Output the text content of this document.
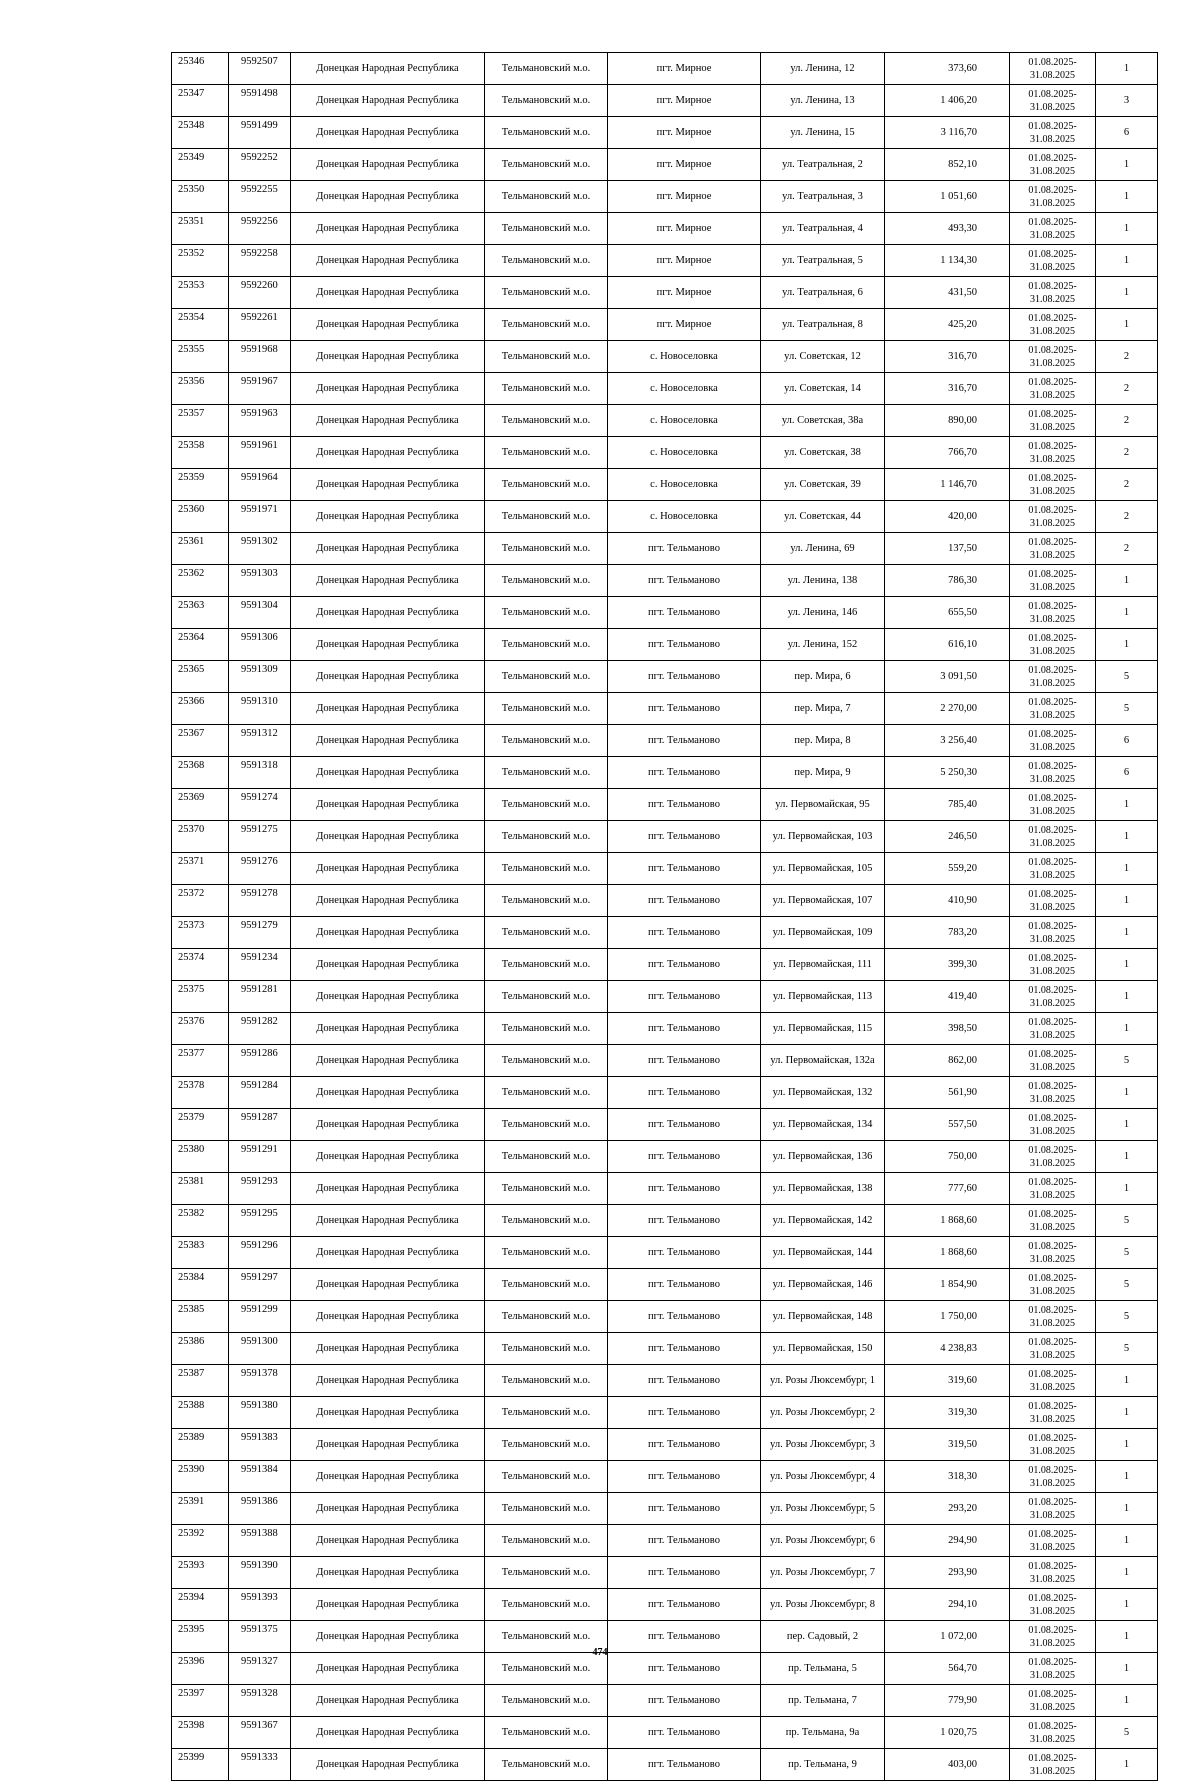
25346	9592507	Донецкая Народная Республика	Тельмановский м.о.	пгт. Мирное	ул. Ленина, 12	373,60	01.08.2025-
31.08.2025	1
25347	9591498	Донецкая Народная Республика	Тельмановский м.о.	пгт. Мирное	ул. Ленина, 13	1 406,20	01.08.2025-
31.08.2025	3
25348	9591499	Донецкая Народная Республика	Тельмановский м.о.	пгт. Мирное	ул. Ленина, 15	3 116,70	01.08.2025-
31.08.2025	6
25349	9592252	Донецкая Народная Республика	Тельмановский м.о.	пгт. Мирное	ул. Театральная, 2	852,10	01.08.2025-
31.08.2025	1
25350	9592255	Донецкая Народная Республика	Тельмановский м.о.	пгт. Мирное	ул. Театральная, 3	1 051,60	01.08.2025-
31.08.2025	1
25351	9592256	Донецкая Народная Республика	Тельмановский м.о.	пгт. Мирное	ул. Театральная, 4	493,30	01.08.2025-
31.08.2025	1
25352	9592258	Донецкая Народная Республика	Тельмановский м.о.	пгт. Мирное	ул. Театральная, 5	1 134,30	01.08.2025-
31.08.2025	1
25353	9592260	Донецкая Народная Республика	Тельмановский м.о.	пгт. Мирное	ул. Театральная, 6	431,50	01.08.2025-
31.08.2025	1
25354	9592261	Донецкая Народная Республика	Тельмановский м.о.	пгт. Мирное	ул. Театральная, 8	425,20	01.08.2025-
31.08.2025	1
25355	9591968	Донецкая Народная Республика	Тельмановский м.о.	с. Новоселовка	ул. Советская, 12	316,70	01.08.2025-
31.08.2025	2
25356	9591967	Донецкая Народная Республика	Тельмановский м.о.	с. Новоселовка	ул. Советская, 14	316,70	01.08.2025-
31.08.2025	2
25357	9591963	Донецкая Народная Республика	Тельмановский м.о.	с. Новоселовка	ул. Советская, 38а	890,00	01.08.2025-
31.08.2025	2
25358	9591961	Донецкая Народная Республика	Тельмановский м.о.	с. Новоселовка	ул. Советская, 38	766,70	01.08.2025-
31.08.2025	2
25359	9591964	Донецкая Народная Республика	Тельмановский м.о.	с. Новоселовка	ул. Советская, 39	1 146,70	01.08.2025-
31.08.2025	2
25360	9591971	Донецкая Народная Республика	Тельмановский м.о.	с. Новоселовка	ул. Советская, 44	420,00	01.08.2025-
31.08.2025	2
25361	9591302	Донецкая Народная Республика	Тельмановский м.о.	пгт. Тельманово	ул. Ленина, 69	137,50	01.08.2025-
31.08.2025	2
25362	9591303	Донецкая Народная Республика	Тельмановский м.о.	пгт. Тельманово	ул. Ленина, 138	786,30	01.08.2025-
31.08.2025	1
25363	9591304	Донецкая Народная Республика	Тельмановский м.о.	пгт. Тельманово	ул. Ленина, 146	655,50	01.08.2025-
31.08.2025	1
25364	9591306	Донецкая Народная Республика	Тельмановский м.о.	пгт. Тельманово	ул. Ленина, 152	616,10	01.08.2025-
31.08.2025	1
25365	9591309	Донецкая Народная Республика	Тельмановский м.о.	пгт. Тельманово	пер. Мира, 6	3 091,50	01.08.2025-
31.08.2025	5
25366	9591310	Донецкая Народная Республика	Тельмановский м.о.	пгт. Тельманово	пер. Мира, 7	2 270,00	01.08.2025-
31.08.2025	5
25367	9591312	Донецкая Народная Республика	Тельмановский м.о.	пгт. Тельманово	пер. Мира, 8	3 256,40	01.08.2025-
31.08.2025	6
25368	9591318	Донецкая Народная Республика	Тельмановский м.о.	пгт. Тельманово	пер. Мира, 9	5 250,30	01.08.2025-
31.08.2025	6
25369	9591274	Донецкая Народная Республика	Тельмановский м.о.	пгт. Тельманово	ул. Первомайская, 95	785,40	01.08.2025-
31.08.2025	1
25370	9591275	Донецкая Народная Республика	Тельмановский м.о.	пгт. Тельманово	ул. Первомайская, 103	246,50	01.08.2025-
31.08.2025	1
25371	9591276	Донецкая Народная Республика	Тельмановский м.о.	пгт. Тельманово	ул. Первомайская, 105	559,20	01.08.2025-
31.08.2025	1
25372	9591278	Донецкая Народная Республика	Тельмановский м.о.	пгт. Тельманово	ул. Первомайская, 107	410,90	01.08.2025-
31.08.2025	1
25373	9591279	Донецкая Народная Республика	Тельмановский м.о.	пгт. Тельманово	ул. Первомайская, 109	783,20	01.08.2025-
31.08.2025	1
25374	9591234	Донецкая Народная Республика	Тельмановский м.о.	пгт. Тельманово	ул. Первомайская, 111	399,30	01.08.2025-
31.08.2025	1
25375	9591281	Донецкая Народная Республика	Тельмановский м.о.	пгт. Тельманово	ул. Первомайская, 113	419,40	01.08.2025-
31.08.2025	1
25376	9591282	Донецкая Народная Республика	Тельмановский м.о.	пгт. Тельманово	ул. Первомайская, 115	398,50	01.08.2025-
31.08.2025	1
25377	9591286	Донецкая Народная Республика	Тельмановский м.о.	пгт. Тельманово	ул. Первомайская, 132а	862,00	01.08.2025-
31.08.2025	5
25378	9591284	Донецкая Народная Республика	Тельмановский м.о.	пгт. Тельманово	ул. Первомайская, 132	561,90	01.08.2025-
31.08.2025	1
25379	9591287	Донецкая Народная Республика	Тельмановский м.о.	пгт. Тельманово	ул. Первомайская, 134	557,50	01.08.2025-
31.08.2025	1
25380	9591291	Донецкая Народная Республика	Тельмановский м.о.	пгт. Тельманово	ул. Первомайская, 136	750,00	01.08.2025-
31.08.2025	1
25381	9591293	Донецкая Народная Республика	Тельмановский м.о.	пгт. Тельманово	ул. Первомайская, 138	777,60	01.08.2025-
31.08.2025	1
25382	9591295	Донецкая Народная Республика	Тельмановский м.о.	пгт. Тельманово	ул. Первомайская, 142	1 868,60	01.08.2025-
31.08.2025	5
25383	9591296	Донецкая Народная Республика	Тельмановский м.о.	пгт. Тельманово	ул. Первомайская, 144	1 868,60	01.08.2025-
31.08.2025	5
25384	9591297	Донецкая Народная Республика	Тельмановский м.о.	пгт. Тельманово	ул. Первомайская, 146	1 854,90	01.08.2025-
31.08.2025	5
25385	9591299	Донецкая Народная Республика	Тельмановский м.о.	пгт. Тельманово	ул. Первомайская, 148	1 750,00	01.08.2025-
31.08.2025	5
25386	9591300	Донецкая Народная Республика	Тельмановский м.о.	пгт. Тельманово	ул. Первомайская, 150	4 238,83	01.08.2025-
31.08.2025	5
25387	9591378	Донецкая Народная Республика	Тельмановский м.о.	пгт. Тельманово	ул. Розы Люксембург, 1	319,60	01.08.2025-
31.08.2025	1
25388	9591380	Донецкая Народная Республика	Тельмановский м.о.	пгт. Тельманово	ул. Розы Люксембург, 2	319,30	01.08.2025-
31.08.2025	1
25389	9591383	Донецкая Народная Республика	Тельмановский м.о.	пгт. Тельманово	ул. Розы Люксембург, 3	319,50	01.08.2025-
31.08.2025	1
25390	9591384	Донецкая Народная Республика	Тельмановский м.о.	пгт. Тельманово	ул. Розы Люксембург, 4	318,30	01.08.2025-
31.08.2025	1
25391	9591386	Донецкая Народная Республика	Тельмановский м.о.	пгт. Тельманово	ул. Розы Люксембург, 5	293,20	01.08.2025-
31.08.2025	1
25392	9591388	Донецкая Народная Республика	Тельмановский м.о.	пгт. Тельманово	ул. Розы Люксембург, 6	294,90	01.08.2025-
31.08.2025	1
25393	9591390	Донецкая Народная Республика	Тельмановский м.о.	пгт. Тельманово	ул. Розы Люксембург, 7	293,90	01.08.2025-
31.08.2025	1
25394	9591393	Донецкая Народная Республика	Тельмановский м.о.	пгт. Тельманово	ул. Розы Люксембург, 8	294,10	01.08.2025-
31.08.2025	1
25395	9591375	Донецкая Народная Республика	Тельмановский м.о.	пгт. Тельманово	пер. Садовый, 2	1 072,00	01.08.2025-
31.08.2025	1
25396	9591327	Донецкая Народная Республика	Тельмановский м.о.	пгт. Тельманово	пр. Тельмана, 5	564,70	01.08.2025-
31.08.2025	1
25397	9591328	Донецкая Народная Республика	Тельмановский м.о.	пгт. Тельманово	пр. Тельмана, 7	779,90	01.08.2025-
31.08.2025	1
25398	9591367	Донецкая Народная Республика	Тельмановский м.о.	пгт. Тельманово	пр. Тельмана, 9а	1 020,75	01.08.2025-
31.08.2025	5
25399	9591333	Донецкая Народная Республика	Тельмановский м.о.	пгт. Тельманово	пр. Тельмана, 9	403,00	01.08.2025-
31.08.2025	1
474
